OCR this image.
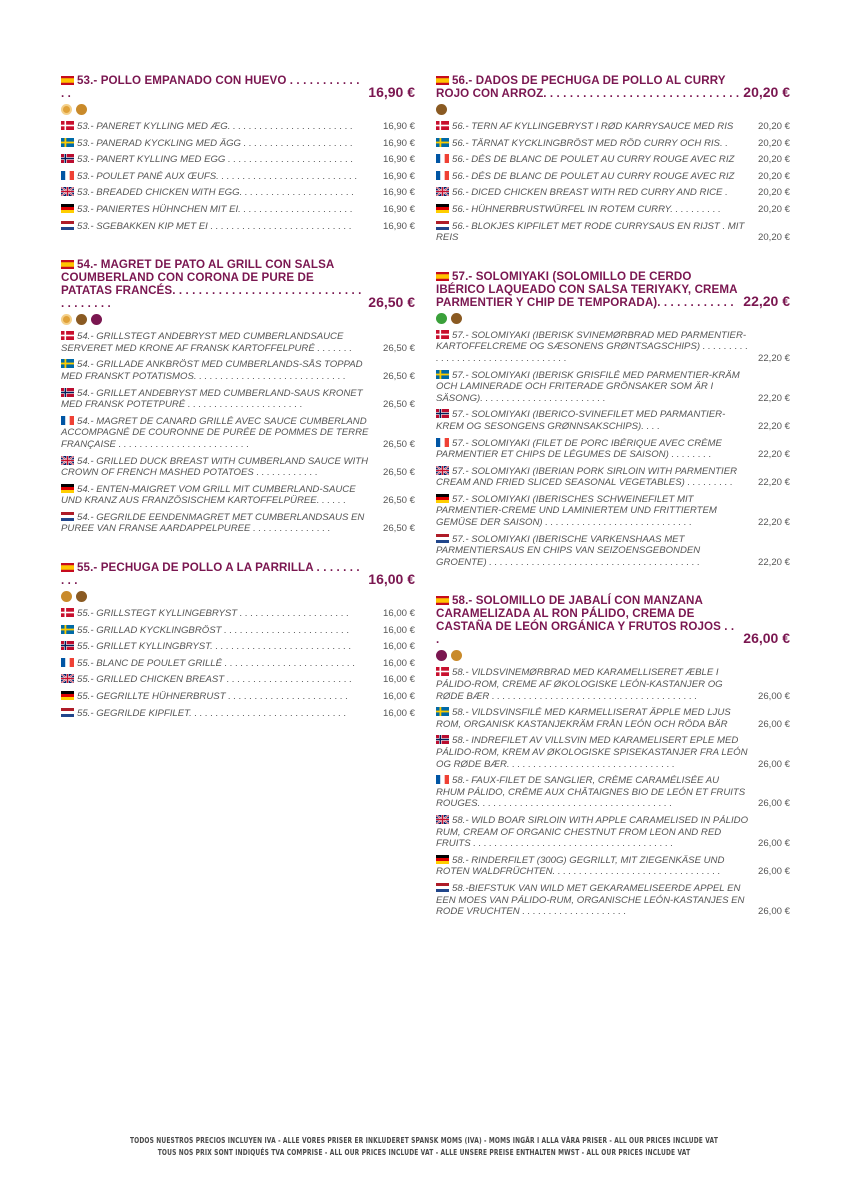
53.- POLLO EMPANADO CON HUEVO . . . . . . . . . . . . .	16,90 €
53.- PANERET KYLLING MED ÆG. . . . . . . . . . . . . . . . . . . . . . . .	16,90 €
53.- PANERAD KYCKLING MED ÄGG . . . . . . . . . . . . . . . . . . . . .	16,90 €
53.- PANERT KYLLING MED EGG . . . . . . . . . . . . . . . . . . . . . . . .	16,90 €
53.- POULET PANÉ AUX ŒUFS. . . . . . . . . . . . . . . . . . . . . . . . . . .	16,90 €
53.- BREADED CHICKEN WITH EGG. . . . . . . . . . . . . . . . . . . . . .	16,90 €
53.- PANIERTES HÜHNCHEN MIT EI. . . . . . . . . . . . . . . . . . . . . .	16,90 €
53.- SGEBAKKEN KIP MET EI . . . . . . . . . . . . . . . . . . . . . . . . . . .	16,90 €
54.- MAGRET DE PATO AL GRILL CON SALSA COUMBERLAND CON CORONA DE PURE DE PATATAS FRANCÉS. . . . . . . . . . . . . . . . . . . . . . . . . . . . . . . . . . . . .	26,50 €
54.- GRILLSTEGT ANDEBRYST MED CUMBERLANDSAUCE SERVERET MED KRONE AF FRANSK KARTOFFELPURÉ . . . . . . .	26,50 €
54.- GRILLADE ANKBRÖST MED CUMBERLANDS-SÅS TOPPAD MED FRANSKT POTATISMOS. . . . . . . . . . . . . . . . . . . . . . . . . . . . .	26,50 €
54.- GRILLET ANDEBRYST MED CUMBERLAND-SAUS KRONET MED FRANSK POTETPURÉ . . . . . . . . . . . . . . . . . . . . . .	26,50 €
54.- MAGRET DE CANARD GRILLÉ AVEC SAUCE CUMBERLAND ACCOMPAGNÉ DE COURONNE DE PURÉE DE POMMES DE TERRE FRANÇAISE . . . . . . . . . . . . . . . . . . . . . . . . .	26,50 €
54.- GRILLED DUCK BREAST WITH CUMBERLAND SAUCE WITH CROWN OF FRENCH MASHED POTATOES . . . . . . . . . . . .	26,50 €
54.- ENTEN-MAIGRET VOM GRILL MIT CUMBERLAND-SAUCE UND KRANZ AUS FRANZÖSISCHEM KARTOFFELPÜREE. . . . . .	26,50 €
54.- GEGRILDE EENDENMAGRET MET CUMBERLANDSAUS EN PUREE VAN FRANSE AARDAPPELPUREE . . . . . . . . . . . . . . .	26,50 €
55.- PECHUGA DE POLLO A LA PARRILLA . . . . . . . . . .	16,00 €
55.- GRILLSTEGT KYLLINGEBRYST . . . . . . . . . . . . . . . . . . . . .	16,00 €
55.- GRILLAD KYCKLINGBRÖST . . . . . . . . . . . . . . . . . . . . . . . .	16,00 €
55.- GRILLET KYLLINGBRYST. . . . . . . . . . . . . . . . . . . . . . . . . . .	16,00 €
55.- BLANC DE POULET GRILLÉ . . . . . . . . . . . . . . . . . . . . . . . . .	16,00 €
55.- GRILLED CHICKEN BREAST . . . . . . . . . . . . . . . . . . . . . . . .	16,00 €
55.- GEGRILLTE HÜHNERBRUST . . . . . . . . . . . . . . . . . . . . . . .	16,00 €
55.- GEGRILDE KIPFILET. . . . . . . . . . . . . . . . . . . . . . . . . . . . . .	16,00 €
56.- DADOS DE PECHUGA DE POLLO AL CURRY ROJO CON ARROZ. . . . . . . . . . . . . . . . . . . . . . . . . . . . . . 20,20 €
56.- TERN AF KYLLINGEBRYST I RØD KARRYSAUCE MED RIS	20,20 €
56.- TÄRNAT KYCKLINGBRÖST MED RÖD CURRY OCH RIS. .	20,20 €
56.- DÉS DE BLANC DE POULET AU CURRY ROUGE AVEC RIZ	20,20 €
56.- DÉS DE BLANC DE POULET AU CURRY ROUGE AVEC RIZ	20,20 €
56.- DICED CHICKEN BREAST WITH RED CURRY AND RICE .	20,20 €
56.- HÜHNERBRUSTWÜRFEL IN ROTEM CURRY. . . . . . . . . .	20,20 €
56.- BLOKJES KIPFILET MET RODE CURRYSAUS EN RIJST . MIT REIS	20,20 €
57.- SOLOMIYAKI (SOLOMILLO DE CERDO IBÉRICO LAQUEADO CON SALSA TERIYAKY, CREMA PARMENTIER Y CHIP DE TEMPORADA). . . . . . . . . . . . 22,20 €
57.- SOLOMIYAKI (IBERISK SVINEMØRBRAD MED PARMENTIER-KARTOFFELCREME OG SÆSONENS GRØNTSAGSCHIPS) . . . . . . . . . . . . . . . . . . . . . . . . . . . . . . . . . .	22,20 €
57.- SOLOMIYAKI (IBERISK GRISFILÉ MED PARMENTIER-KRÄM OCH LAMINERADE OCH FRITERADE GRÖNSAKER SOM ÄR I SÄSONG). . . . . . . . . . . . . . . . . . . . . . . .	22,20 €
57.- SOLOMIYAKI (IBERICO-SVINEFILET MED PARMANTIER-KREM OG SESONGENS GRØNNSAKSCHIPS). . . .	22,20 €
57.- SOLOMIYAKI (FILET DE PORC IBÉRIQUE AVEC CRÈME PARMENTIER ET CHIPS DE LÉGUMES DE SAISON) . . . . . . . .	22,20 €
57.- SOLOMIYAKI (IBERIAN PORK SIRLOIN WITH PARMENTIER CREAM AND FRIED SLICED SEASONAL VEGETABLES) . . . . . . . . .	22,20 €
57.- SOLOMIYAKI (IBERISCHES SCHWEINEFILET MIT PARMENTIER-CREME UND LAMINIERTEM UND FRITTIERTEM GEMÜSE DER SAISON) . . . . . . . . . . . . . . . . . . . . . . . . . . . .	22,20 €
57.- SOLOMIYAKI (IBERISCHE VARKENSHAAS MET PARMENTIERSAUS EN CHIPS VAN SEIZOENSGEBONDEN GROENTE) . . . . . . . . . . . . . . . . . . . . . . . . . . . . . . . . . . . . . . . .	22,20 €
58.- SOLOMILLO DE JABALÍ CON MANZANA CARAMELIZADA AL RON PÁLIDO, CREMA DE CASTAÑA DE LEÓN ORGÁNICA Y FRUTOS ROJOS . . .	26,00 €
58.- VILDSVINEMØRBRAD MED KARAMELLISERET ÆBLE I PÁLIDO-ROM, CREME AF ØKOLOGISKE LEÓN-KASTANJER OG RØDE BÆR . . . . . . . . . . . . . . . . . . . . . . . . . . . . . . . . . . . . . . .	26,00 €
58.- VILDSVINSFILÉ MED KARMELLISERAT ÄPPLE MED LJUS ROM, ORGANISK KASTANJEKRÄM FRÅN LEÓN OCH RÖDA BÄR	26,00 €
58.- INDREFILET AV VILLSVIN MED KARAMELISERT EPLE MED PÁLIDO-ROM, KREM AV ØKOLOGISKE SPISEKASTANJER FRA LEÓN OG RØDE BÆR. . . . . . . . . . . . . . . . . . . . . . . . . . . . . . . .	26,00 €
58.- FAUX-FILET DE SANGLIER, CRÈME CARAMÉLISÉE AU RHUM PÁLIDO, CRÈME AUX CHÂTAIGNES BIO DE LEÓN ET FRUITS ROUGES. . . . . . . . . . . . . . . . . . . . . . . . . . . . . . . . . . . . .	26,00 €
58.- WILD BOAR SIRLOIN WITH APPLE CARAMELISED IN PÁLIDO RUM, CREAM OF ORGANIC CHESTNUT FROM LEON AND RED FRUITS . . . . . . . . . . . . . . . . . . . . . . . . . . . . . . . . . . . . . .	26,00 €
58.- RINDERFILET (300G) GEGRILLT, MIT ZIEGENKÄSE UND ROTEN WALDFRÜCHTEN. . . . . . . . . . . . . . . . . . . . . . . . . . . . . . . .	26,00 €
58.-BIEFSTUK VAN WILD MET GEKARAMELISEERDE APPEL EN EEN MOES VAN PÁLIDO-RUM, ORGANISCHE LEÓN-KASTANJES EN RODE VRUCHTEN . . . . . . . . . . . . . . . . . . . .	26,00 €
TODOS NUESTROS PRECIOS INCLUYEN IVA - ALLE VORES PRISER ER INKLUDERET SPANSK MOMS (IVA) - MOMS INGÅR I ALLA VÅRA PRISER - ALL OUR PRICES INCLUDE VAT
TOUS NOS PRIX SONT INDIQUÉS TVA COMPRISE - ALL OUR PRICES INCLUDE VAT - ALLE UNSERE PREISE ENTHALTEN MWST - ALL OUR PRICES INCLUDE VAT
